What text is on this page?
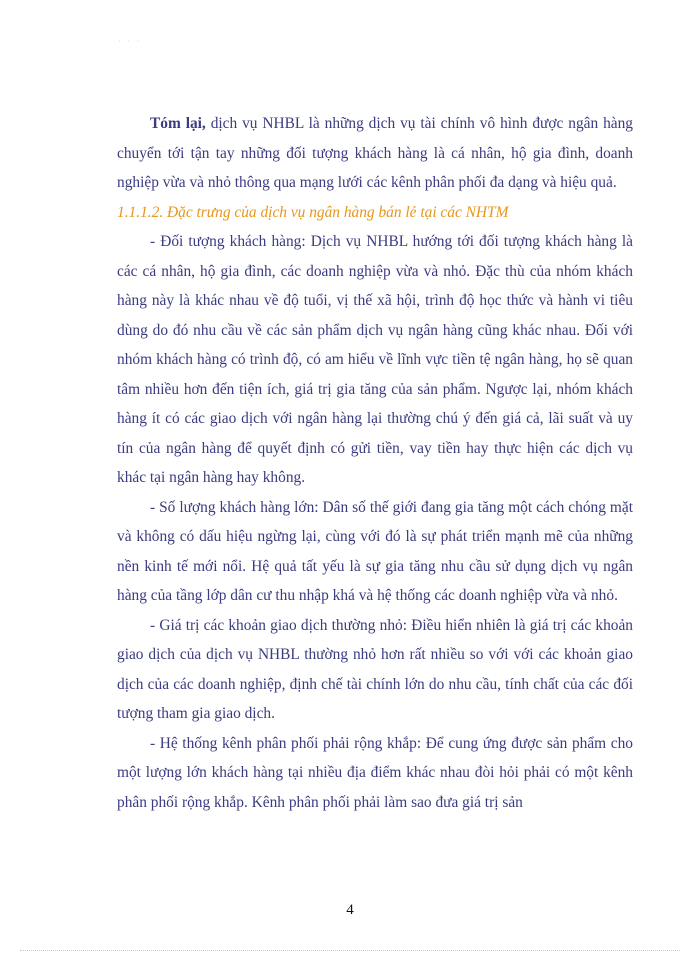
· · ·

Tóm lại, dịch vụ NHBL là những dịch vụ tài chính vô hình được ngân hàng chuyển tới tận tay những đối tượng khách hàng là cá nhân, hộ gia đình, doanh nghiệp vừa và nhỏ thông qua mạng lưới các kênh phân phối đa dạng và hiệu quả.

1.1.1.2. Đặc trưng của dịch vụ ngân hàng bán lẻ tại các NHTM

- Đối tượng khách hàng: Dịch vụ NHBL hướng tới đối tượng khách hàng là các cá nhân, hộ gia đình, các doanh nghiệp vừa và nhỏ. Đặc thù của nhóm khách hàng này là khác nhau về độ tuổi, vị thế xã hội, trình độ học thức và hành vi tiêu dùng do đó nhu cầu về các sản phẩm dịch vụ ngân hàng cũng khác nhau. Đối với nhóm khách hàng có trình độ, có am hiểu về lĩnh vực tiền tệ ngân hàng, họ sẽ quan tâm nhiều hơn đến tiện ích, giá trị gia tăng của sản phẩm. Ngược lại, nhóm khách hàng ít có các giao dịch với ngân hàng lại thường chú ý đến giá cả, lãi suất và uy tín của ngân hàng để quyết định có gửi tiền, vay tiền hay thực hiện các dịch vụ khác tại ngân hàng hay không.

- Số lượng khách hàng lớn: Dân số thế giới đang gia tăng một cách chóng mặt và không có dấu hiệu ngừng lại, cùng với đó là sự phát triển mạnh mẽ của những nền kinh tế mới nổi. Hệ quả tất yếu là sự gia tăng nhu cầu sử dụng dịch vụ ngân hàng của tầng lớp dân cư thu nhập khá và hệ thống các doanh nghiệp vừa và nhỏ.

- Giá trị các khoản giao dịch thường nhỏ: Điều hiển nhiên là giá trị các khoản giao dịch của dịch vụ NHBL thường nhỏ hơn rất nhiều so với với các khoản giao dịch của các doanh nghiệp, định chế tài chính lớn do nhu cầu, tính chất của các đối tượng tham gia giao dịch.

- Hệ thống kênh phân phối phải rộng khắp: Để cung ứng được sản phẩm cho một lượng lớn khách hàng tại nhiều địa điểm khác nhau đòi hỏi phải có một kênh phân phối rộng khắp. Kênh phân phối phải làm sao đưa giá trị sản

4
